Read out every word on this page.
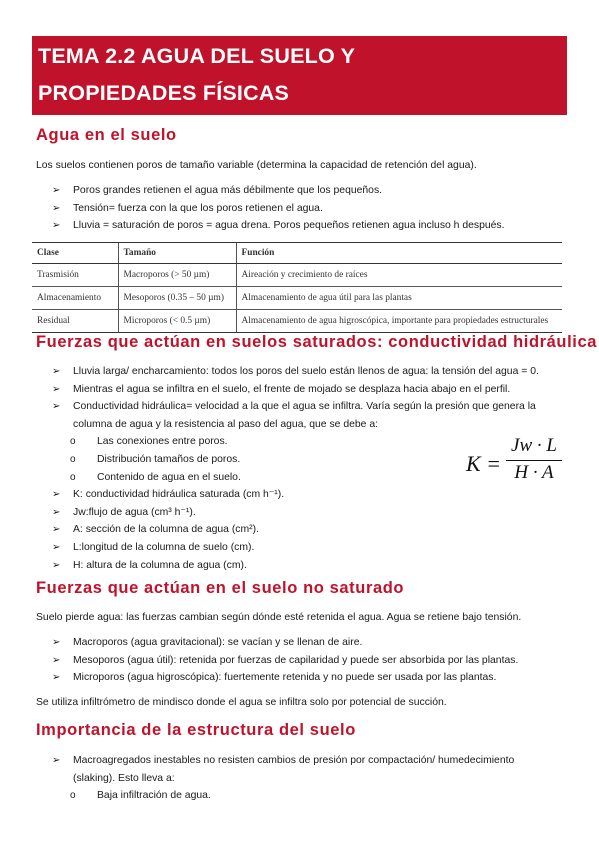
TEMA 2.2 AGUA DEL SUELO Y
PROPIEDADES FÍSICAS
Agua en el suelo
Los suelos contienen poros de tamaño variable (determina la capacidad de retención del agua).
➢ Poros grandes retienen el agua más débilmente que los pequeños.
➢ Tensión= fuerza con la que los poros retienen el agua.
➢ Lluvia = saturación de poros = agua drena. Poros pequeños retienen agua incluso h después.
Clase	Tamaño	Función
Trasmisión	Macroporos (> 50 µm)	Aireación y crecimiento de raíces
Almacenamiento	Mesoporos (0.35 – 50 µm)	Almacenamiento de agua útil para las plantas
Residual	Microporos (< 0.5 µm)	Almacenamiento de agua higroscópica, importante para propiedades estructurales
Fuerzas que actúan en suelos saturados: conductividad hidráulica
➢ Lluvia larga/ encharcamiento: todos los poros del suelo están llenos de agua: la tensión del agua = 0.
➢ Mientras el agua se infiltra en el suelo, el frente de mojado se desplaza hacia abajo en el perfil.
➢ Conductividad hidráulica= velocidad a la que el agua se infiltra. Varía según la presión que genera la columna de agua y la resistencia al paso del agua, que se debe a:
o Las conexiones entre poros.
o Distribución tamaños de poros.
o Contenido de agua en el suelo.
➢ K: conductividad hidráulica saturada (cm h⁻¹).
➢ Jw:flujo de agua (cm³ h⁻¹).
➢ A: sección de la columna de agua (cm²).
➢ L:longitud de la columna de suelo (cm).
➢ H: altura de la columna de agua (cm).
K =
Jw · L
H · A
Fuerzas que actúan en el suelo no saturado
Suelo pierde agua: las fuerzas cambian según dónde esté retenida el agua. Agua se retiene bajo tensión.
➢ Macroporos (agua gravitacional): se vacían y se llenan de aire.
➢ Mesoporos (agua útil): retenida por fuerzas de capilaridad y puede ser absorbida por las plantas.
➢ Microporos (agua higroscópica): fuertemente retenida y no puede ser usada por las plantas.
Se utiliza infiltrómetro de mindisco donde el agua se infiltra solo por potencial de succión.
Importancia de la estructura del suelo
➢ Macroagregados inestables no resisten cambios de presión por compactación/ humedecimiento (slaking). Esto lleva a:
o Baja infiltración de agua.
